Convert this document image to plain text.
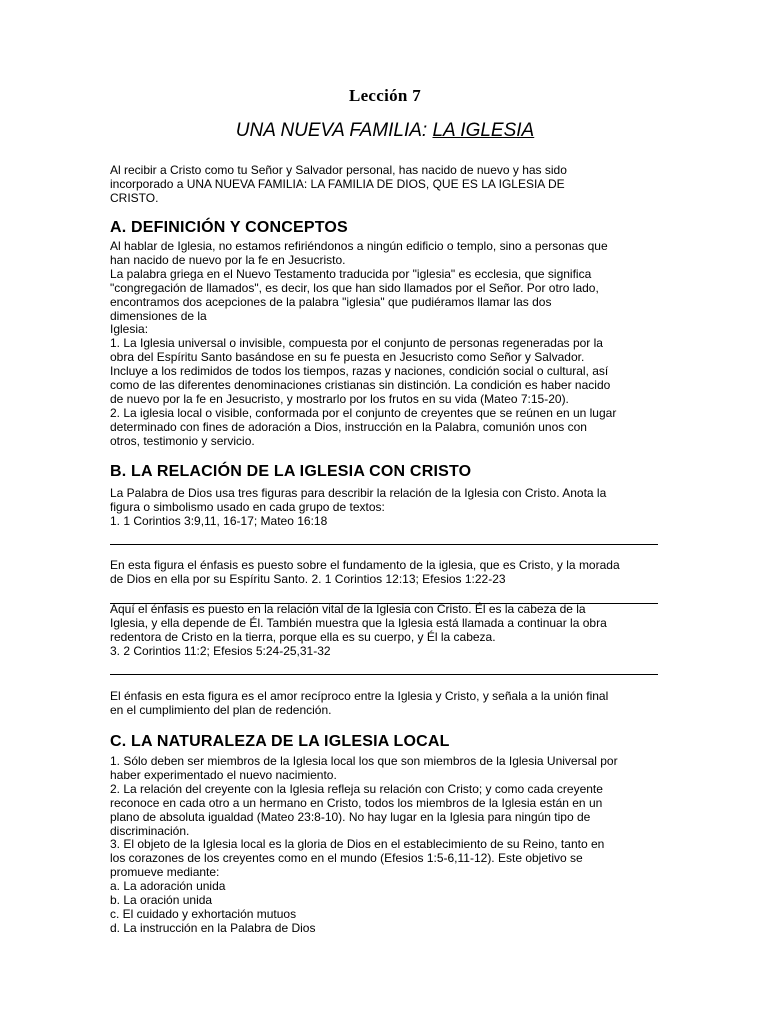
Lección 7
UNA NUEVA FAMILIA: LA IGLESIA

Al recibir a Cristo como tu Señor y Salvador personal, has nacido de nuevo y has sido

incorporado a UNA NUEVA FAMILIA: LA FAMILIA DE DIOS, QUE ES LA IGLESIA DE

CRISTO.

A. DEFINICIÓN Y CONCEPTOS

Al hablar de Iglesia, no estamos refiriéndonos a ningún edificio o templo, sino a personas que

han nacido de nuevo por la fe en Jesucristo.

La palabra griega en el Nuevo Testamento traducida por "iglesia" es ecclesia, que significa

"congregación de llamados", es decir, los que han sido llamados por el Señor. Por otro lado,

encontramos dos acepciones de la palabra "iglesia" que pudiéramos llamar las dos

dimensiones de la

Iglesia:

1. La Iglesia universal o invisible, compuesta por el conjunto de personas regeneradas por la

obra del Espíritu Santo basándose en su fe puesta en Jesucristo como Señor y Salvador.

Incluye a los redimidos de todos los tiempos, razas y naciones, condición social o cultural, así

como de las diferentes denominaciones cristianas sin distinción. La condición es haber nacido

de nuevo por la fe en Jesucristo, y mostrarlo por los frutos en su vida (Mateo 7:15-20).

2. La iglesia local o visible, conformada por el conjunto de creyentes que se reúnen en un lugar

determinado con fines de adoración a Dios, instrucción en la Palabra, comunión unos con

otros, testimonio y servicio.

B. LA RELACIÓN DE LA IGLESIA CON CRISTO

La Palabra de Dios usa tres figuras para describir la relación de la Iglesia con Cristo. Anota la

figura o simbolismo usado en cada grupo de textos:

1. 1 Corintios 3:9,11, 16-17; Mateo 16:18

En esta figura el énfasis es puesto sobre el fundamento de la iglesia, que es Cristo, y la morada

de Dios en ella por su Espíritu Santo. 2. 1 Corintios 12:13; Efesios 1:22-23

Aquí el énfasis es puesto en la relación vital de la Iglesia con Cristo. Él es la cabeza de la

Iglesia, y ella depende de Él. También muestra que la Iglesia está llamada a continuar la obra

redentora de Cristo en la tierra, porque ella es su cuerpo, y Él la cabeza.

3. 2 Corintios 11:2; Efesios 5:24-25,31-32

El énfasis en esta figura es el amor recíproco entre la Iglesia y Cristo, y señala a la unión final

en el cumplimiento del plan de redención.

C. LA NATURALEZA DE LA IGLESIA LOCAL

1. Sólo deben ser miembros de la Iglesia local los que son miembros de la Iglesia Universal por

haber experimentado el nuevo nacimiento.

2. La relación del creyente con la Iglesia refleja su relación con Cristo; y como cada creyente

reconoce en cada otro a un hermano en Cristo, todos los miembros de la Iglesia están en un

plano de absoluta igualdad (Mateo 23:8-10). No hay lugar en la Iglesia para ningún tipo de

discriminación.

3. El objeto de la Iglesia local es la gloria de Dios en el establecimiento de su Reino, tanto en

los corazones de los creyentes como en el mundo (Efesios 1:5-6,11-12). Este objetivo se

promueve mediante:

a. La adoración unida

b. La oración unida

c. El cuidado y exhortación mutuos

d. La instrucción en la Palabra de Dios
